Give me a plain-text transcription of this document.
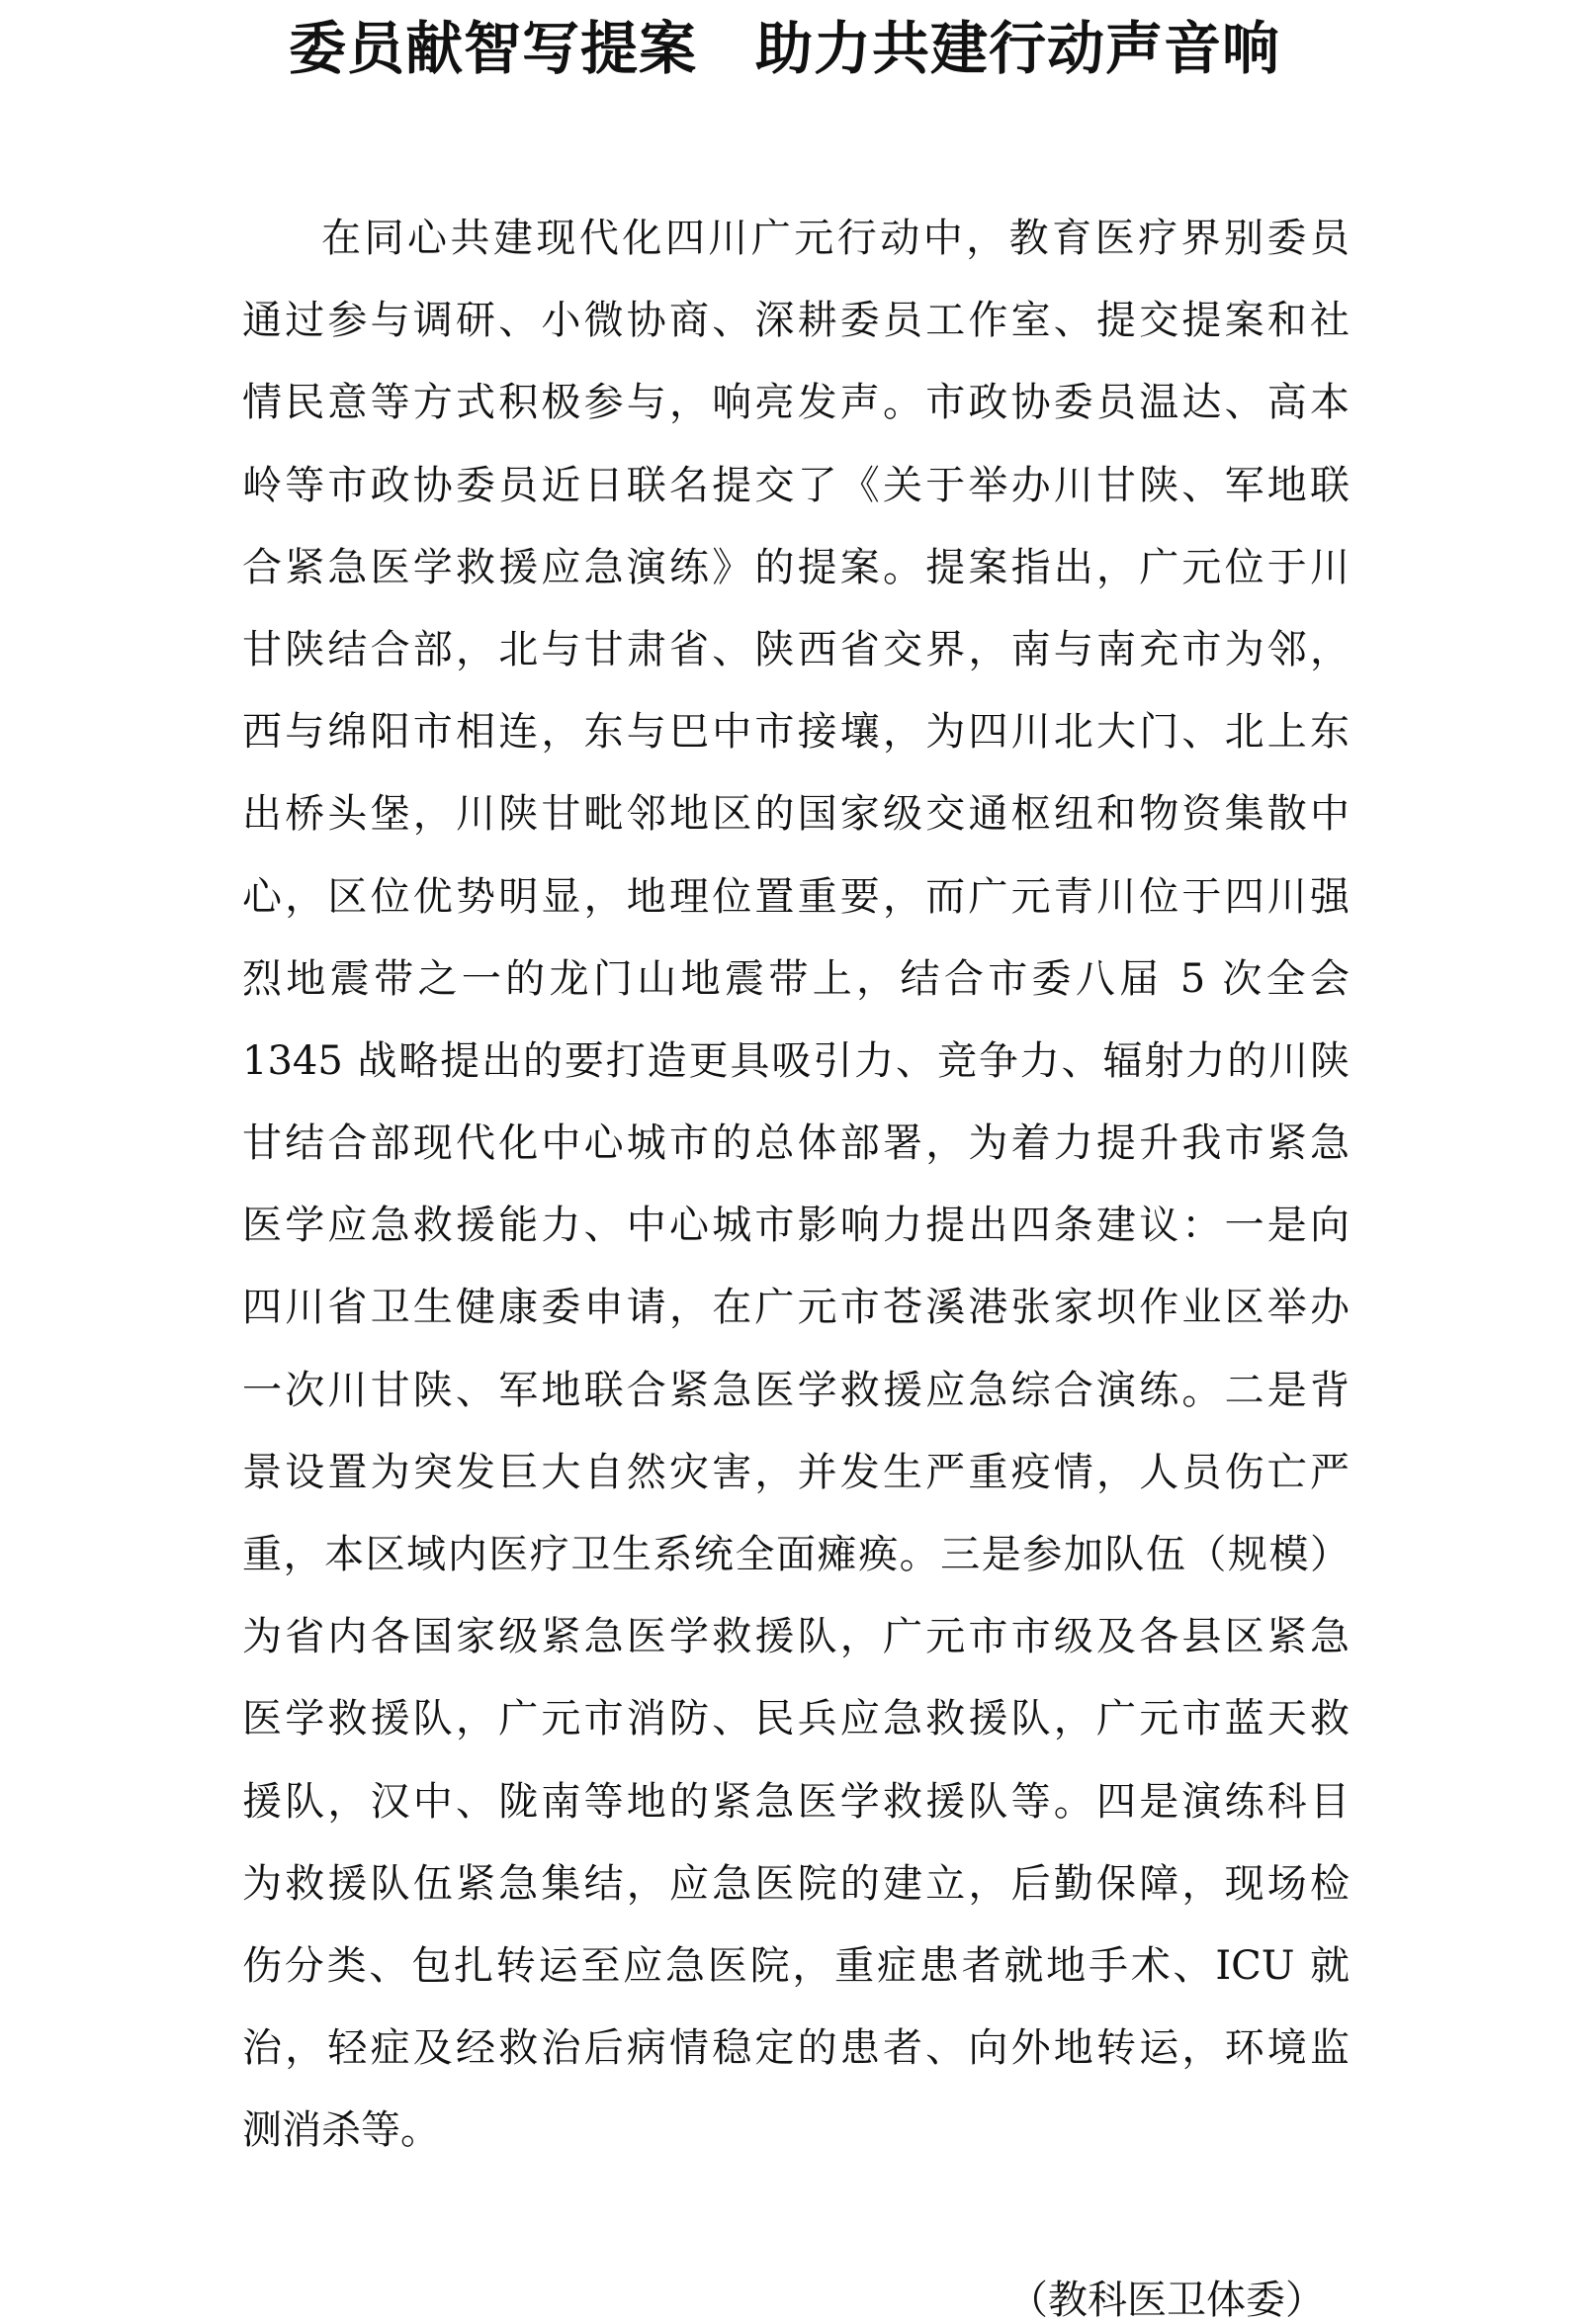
委员献智写提案　助力共建行动声音响
在同心共建现代化四川广元行动中，教育医疗界别委员
通过参与调研、小微协商、深耕委员工作室、提交提案和社
情民意等方式积极参与，响亮发声。市政协委员温达、高本
岭等市政协委员近日联名提交了《关于举办川甘陕、军地联
合紧急医学救援应急演练》的提案。提案指出，广元位于川
甘陕结合部，北与甘肃省、陕西省交界，南与南充市为邻，
西与绵阳市相连，东与巴中市接壤，为四川北大门、北上东
出桥头堡，川陕甘毗邻地区的国家级交通枢纽和物资集散中
心，区位优势明显，地理位置重要，而广元青川位于四川强
烈地震带之一的龙门山地震带上，结合市委八届 5 次全会
1345 战略提出的要打造更具吸引力、竞争力、辐射力的川陕
甘结合部现代化中心城市的总体部署，为着力提升我市紧急
医学应急救援能力、中心城市影响力提出四条建议：一是向
四川省卫生健康委申请，在广元市苍溪港张家坝作业区举办
一次川甘陕、军地联合紧急医学救援应急综合演练。二是背
景设置为突发巨大自然灾害，并发生严重疫情，人员伤亡严
重，本区域内医疗卫生系统全面瘫痪。三是参加队伍（规模）
为省内各国家级紧急医学救援队，广元市市级及各县区紧急
医学救援队，广元市消防、民兵应急救援队，广元市蓝天救
援队，汉中、陇南等地的紧急医学救援队等。四是演练科目
为救援队伍紧急集结，应急医院的建立，后勤保障，现场检
伤分类、包扎转运至应急医院，重症患者就地手术、ICU 就
治，轻症及经救治后病情稳定的患者、向外地转运，环境监
测消杀等。
（教科医卫体委）
